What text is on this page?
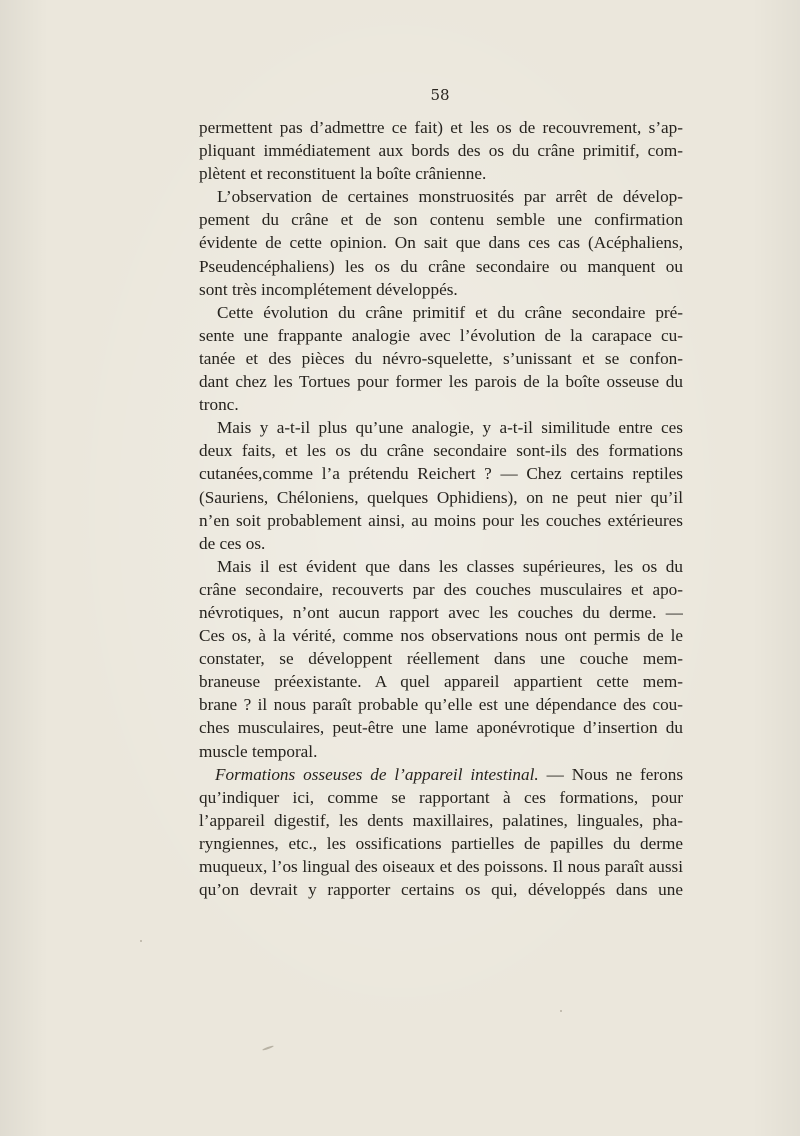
58

permettent pas d’admettre ce fait) et les os de recouvrement, s’ap-
pliquant immédiatement aux bords des os du crâne primitif, com-
plètent et reconstituent la boîte crânienne.
L’observation de certaines monstruosités par arrêt de dévelop-
pement du crâne et de son contenu semble une confirmation
évidente de cette opinion. On sait que dans ces cas (Acéphaliens,
Pseudencéphaliens) les os du crâne secondaire ou manquent ou
sont très incomplétement développés.
Cette évolution du crâne primitif et du crâne secondaire pré-
sente une frappante analogie avec l’évolution de la carapace cu-
tanée et des pièces du névro-squelette, s’unissant et se confon-
dant chez les Tortues pour former les parois de la boîte osseuse du
tronc.
Mais y a-t-il plus qu’une analogie, y a-t-il similitude entre ces
deux faits, et les os du crâne secondaire sont-ils des formations
cutanées,comme l’a prétendu Reichert ? — Chez certains reptiles
(Sauriens, Chéloniens, quelques Ophidiens), on ne peut nier qu’il
n’en soit probablement ainsi, au moins pour les couches extérieures
de ces os.
Mais il est évident que dans les classes supérieures, les os du
crâne secondaire, recouverts par des couches musculaires et apo-
névrotiques, n’ont aucun rapport avec les couches du derme. —
Ces os, à la vérité, comme nos observations nous ont permis de le
constater, se développent réellement dans une couche mem-
braneuse préexistante. A quel appareil appartient cette mem-
brane ? il nous paraît probable qu’elle est une dépendance des cou-
ches musculaires, peut-être une lame aponévrotique d’insertion du
muscle temporal.
Formations osseuses de l’appareil intestinal. — Nous ne ferons
qu’indiquer ici, comme se rapportant à ces formations, pour
l’appareil digestif, les dents maxillaires, palatines, linguales, pha-
ryngiennes, etc., les ossifications partielles de papilles du derme
muqueux, l’os lingual des oiseaux et des poissons. Il nous paraît aussi
qu’on devrait y rapporter certains os qui, développés dans une
